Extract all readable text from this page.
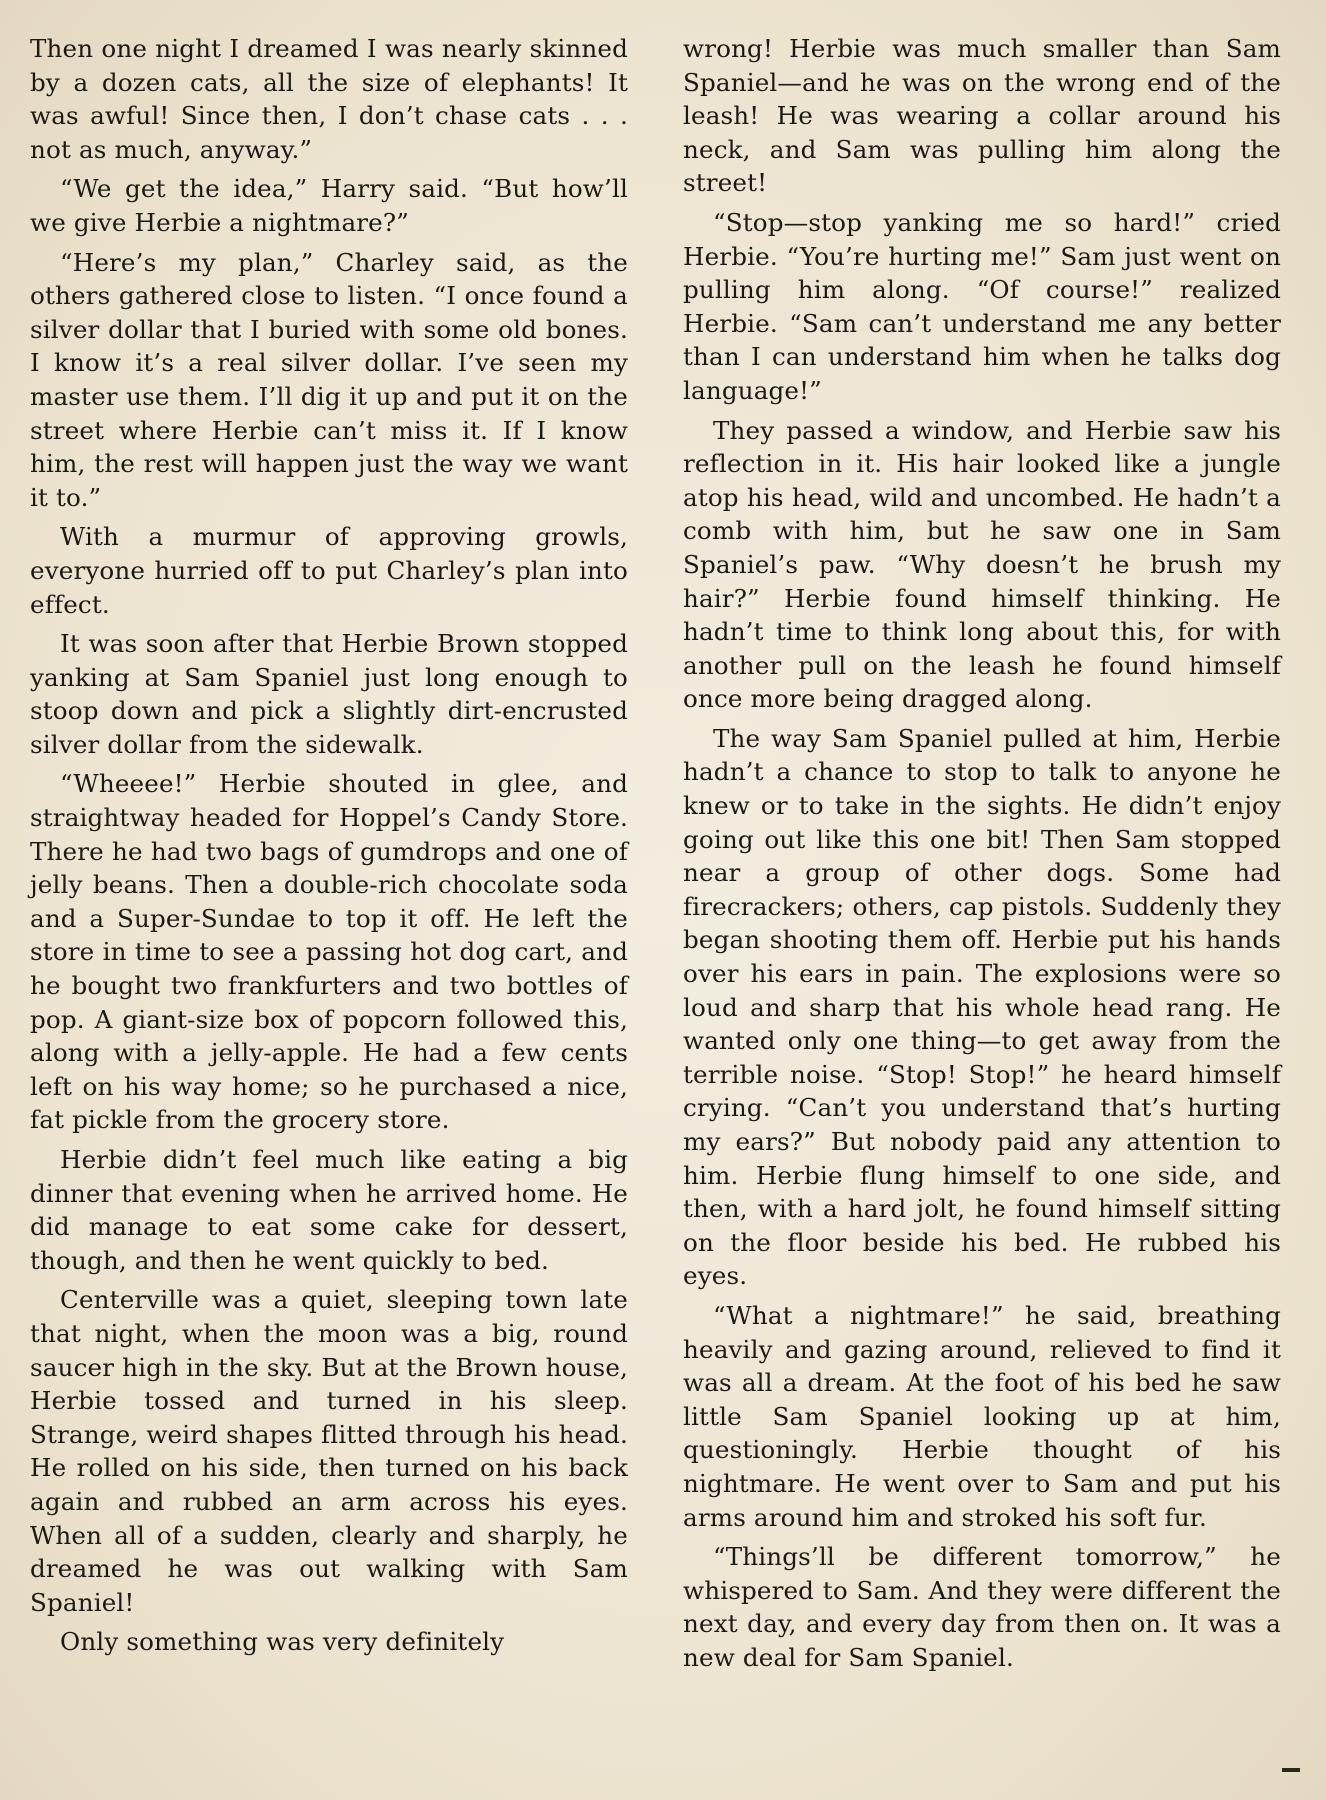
Then one night I dreamed I was nearly skinned by a dozen cats, all the size of elephants! It was awful! Since then, I don’t chase cats . . . not as much, anyway.”

“We get the idea,” Harry said. “But how’ll we give Herbie a nightmare?”

“Here’s my plan,” Charley said, as the others gathered close to listen. “I once found a silver dollar that I buried with some old bones. I know it’s a real silver dollar. I’ve seen my master use them. I’ll dig it up and put it on the street where Herbie can’t miss it. If I know him, the rest will happen just the way we want it to.”

With a murmur of approving growls, everyone hurried off to put Charley’s plan into effect.

It was soon after that Herbie Brown stopped yanking at Sam Spaniel just long enough to stoop down and pick a slightly dirt-encrusted silver dollar from the sidewalk.

“Wheeee!” Herbie shouted in glee, and straightway headed for Hoppel’s Candy Store. There he had two bags of gumdrops and one of jelly beans. Then a double-rich chocolate soda and a Super-Sundae to top it off. He left the store in time to see a passing hot dog cart, and he bought two frankfurters and two bottles of pop. A giant-size box of popcorn followed this, along with a jelly-apple. He had a few cents left on his way home; so he purchased a nice, fat pickle from the grocery store.

Herbie didn’t feel much like eating a big dinner that evening when he arrived home. He did manage to eat some cake for dessert, though, and then he went quickly to bed.

Centerville was a quiet, sleeping town late that night, when the moon was a big, round saucer high in the sky. But at the Brown house, Herbie tossed and turned in his sleep. Strange, weird shapes flitted through his head. He rolled on his side, then turned on his back again and rubbed an arm across his eyes. When all of a sudden, clearly and sharply, he dreamed he was out walking with Sam Spaniel!

Only something was very definitely

wrong! Herbie was much smaller than Sam Spaniel—and he was on the wrong end of the leash! He was wearing a collar around his neck, and Sam was pulling him along the street!

“Stop—stop yanking me so hard!” cried Herbie. “You’re hurting me!” Sam just went on pulling him along. “Of course!” realized Herbie. “Sam can’t understand me any better than I can understand him when he talks dog language!”

They passed a window, and Herbie saw his reflection in it. His hair looked like a jungle atop his head, wild and uncombed. He hadn’t a comb with him, but he saw one in Sam Spaniel’s paw. “Why doesn’t he brush my hair?” Herbie found himself thinking. He hadn’t time to think long about this, for with another pull on the leash he found himself once more being dragged along.

The way Sam Spaniel pulled at him, Herbie hadn’t a chance to stop to talk to anyone he knew or to take in the sights. He didn’t enjoy going out like this one bit! Then Sam stopped near a group of other dogs. Some had firecrackers; others, cap pistols. Suddenly they began shooting them off. Herbie put his hands over his ears in pain. The explosions were so loud and sharp that his whole head rang. He wanted only one thing—to get away from the terrible noise. “Stop! Stop!” he heard himself crying. “Can’t you understand that’s hurting my ears?” But nobody paid any attention to him. Herbie flung himself to one side, and then, with a hard jolt, he found himself sitting on the floor beside his bed. He rubbed his eyes.

“What a nightmare!” he said, breathing heavily and gazing around, relieved to find it was all a dream. At the foot of his bed he saw little Sam Spaniel looking up at him, questioningly. Herbie thought of his nightmare. He went over to Sam and put his arms around him and stroked his soft fur.

“Things’ll be different tomorrow,” he whispered to Sam. And they were different the next day, and every day from then on. It was a new deal for Sam Spaniel.
